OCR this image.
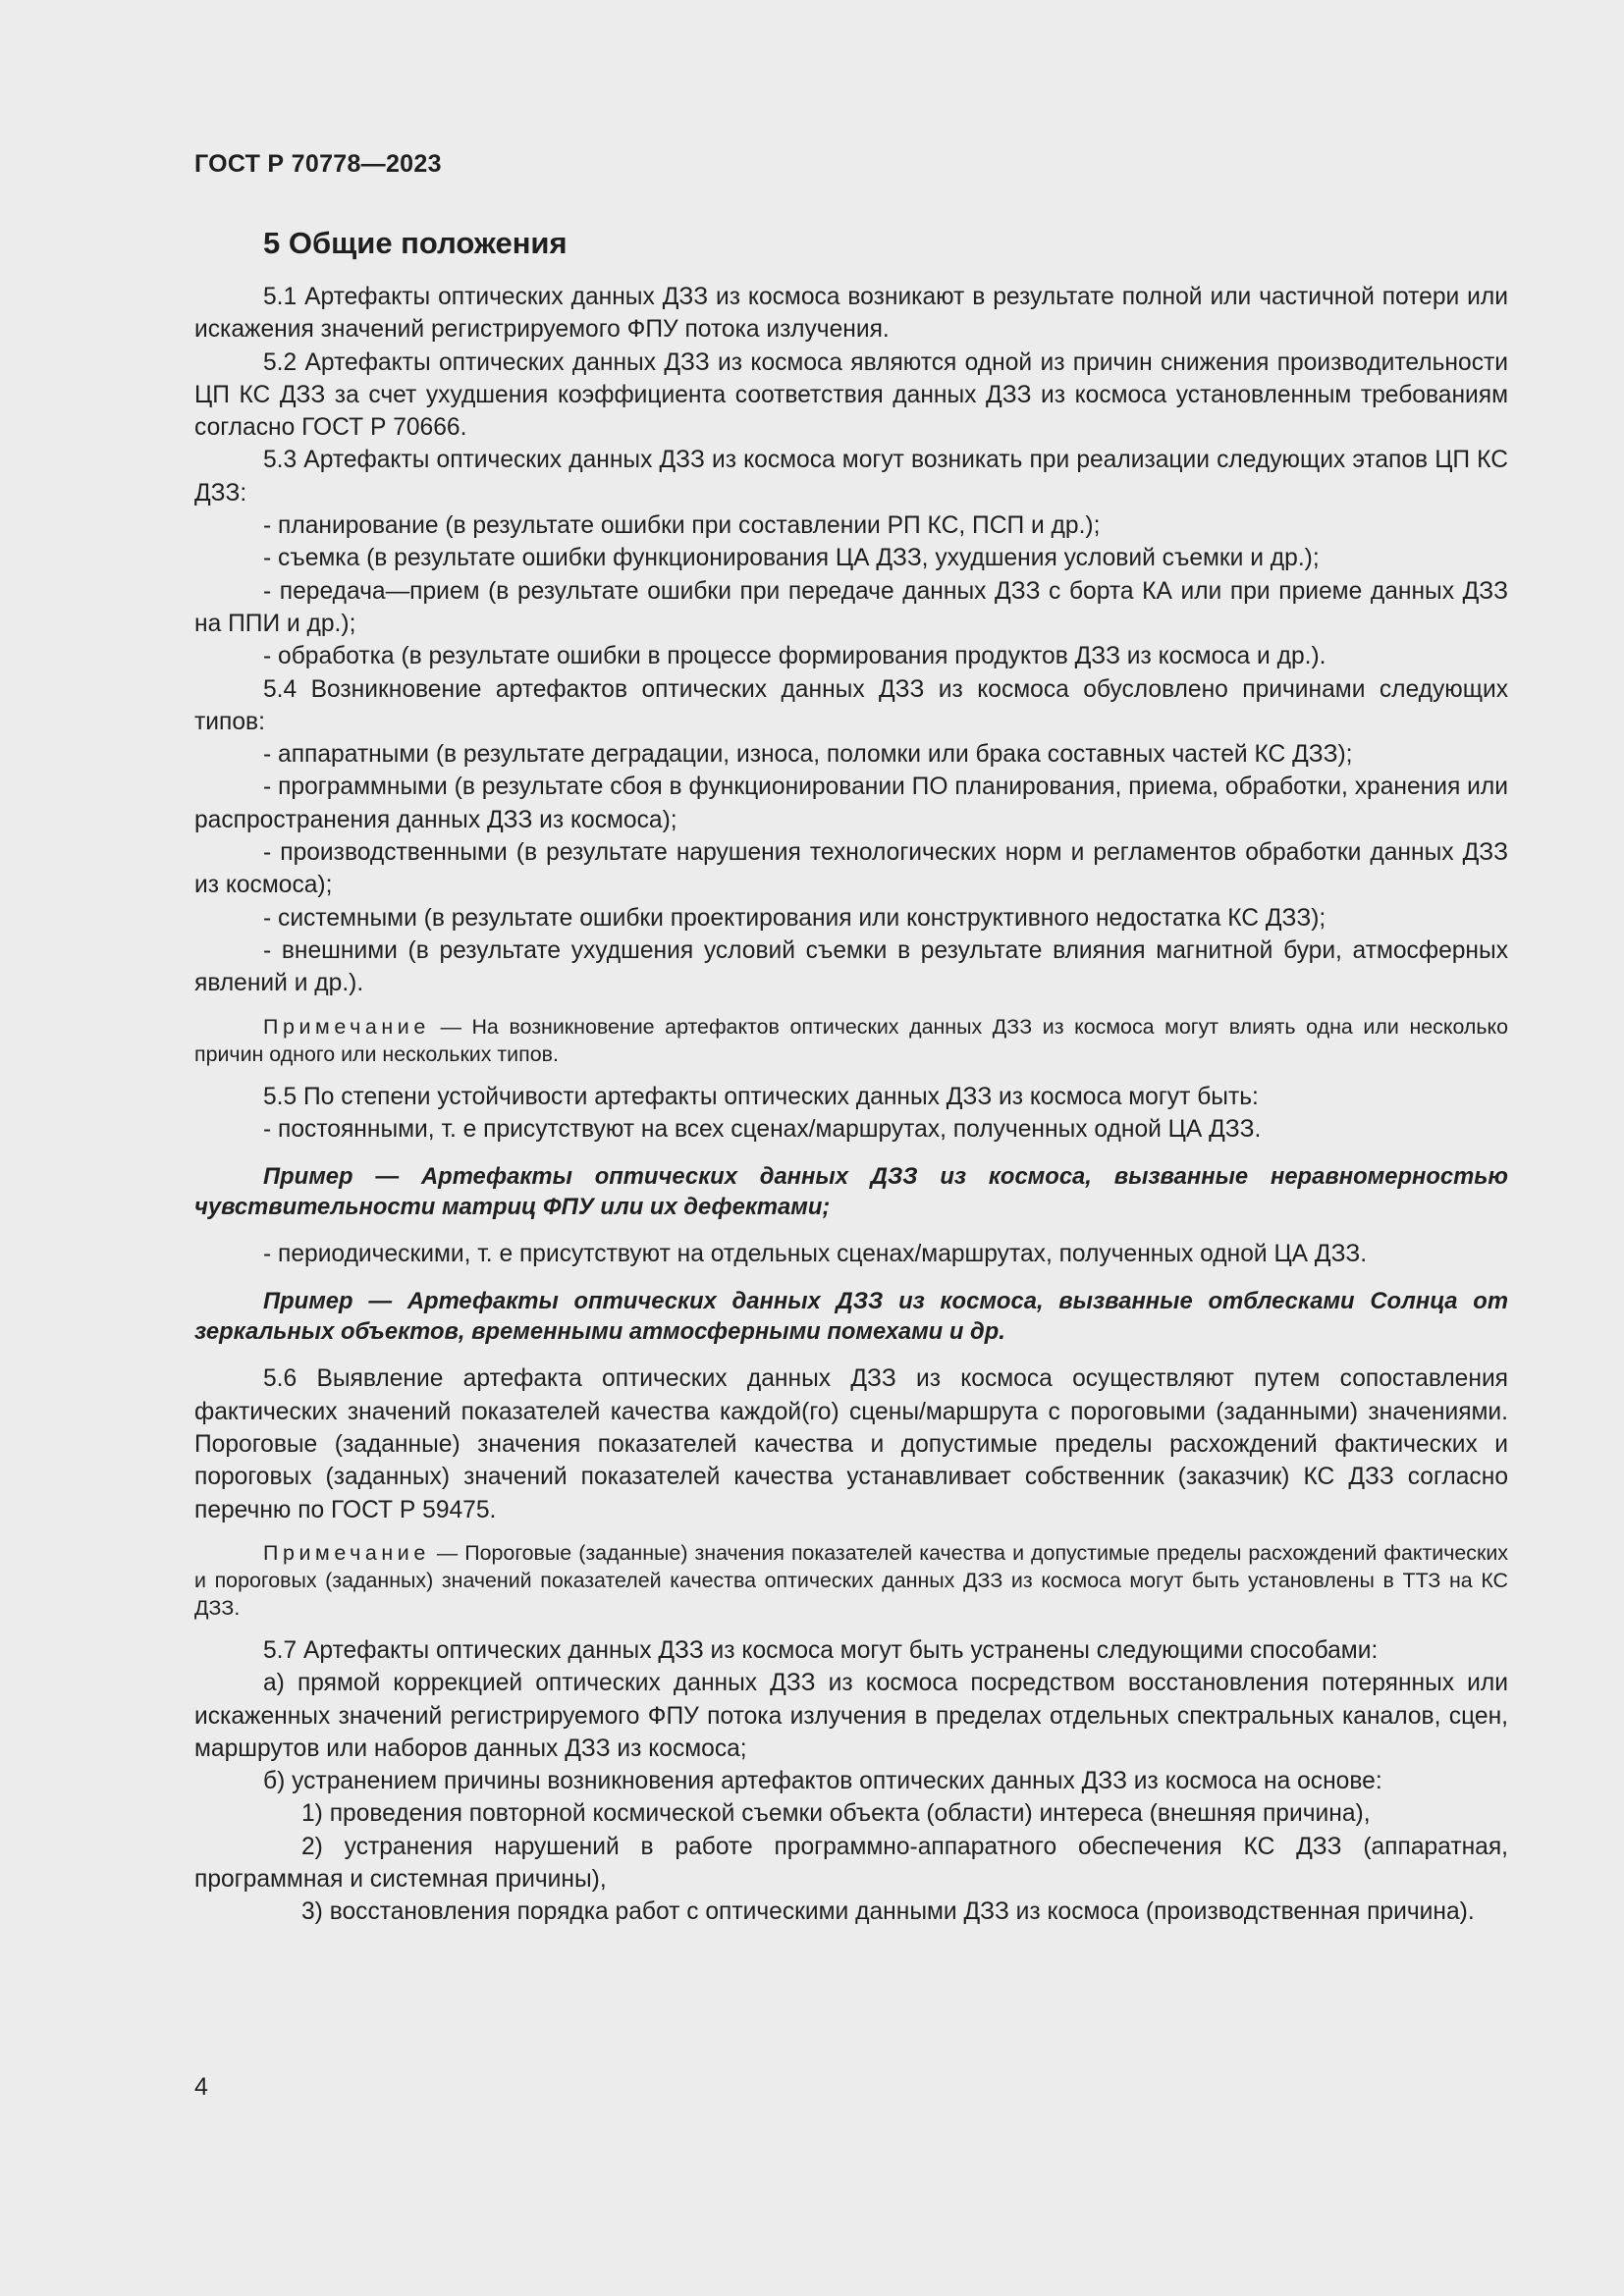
ГОСТ Р 70778—2023
5 Общие положения

5.1 Артефакты оптических данных ДЗЗ из космоса возникают в результате полной или частичной потери или искажения значений регистрируемого ФПУ потока излучения.

5.2 Артефакты оптических данных ДЗЗ из космоса являются одной из причин снижения производительности ЦП КС ДЗЗ за счет ухудшения коэффициента соответствия данных ДЗЗ из космоса установленным требованиям согласно ГОСТ Р 70666.

5.3 Артефакты оптических данных ДЗЗ из космоса могут возникать при реализации следующих этапов ЦП КС ДЗЗ:

- планирование (в результате ошибки при составлении РП КС, ПСП и др.);

- съемка (в результате ошибки функционирования ЦА ДЗЗ, ухудшения условий съемки и др.);

- передача—прием (в результате ошибки при передаче данных ДЗЗ с борта КА или при приеме данных ДЗЗ на ППИ и др.);

- обработка (в результате ошибки в процессе формирования продуктов ДЗЗ из космоса и др.).

5.4 Возникновение артефактов оптических данных ДЗЗ из космоса обусловлено причинами следующих типов:

- аппаратными (в результате деградации, износа, поломки или брака составных частей КС ДЗЗ);

- программными (в результате сбоя в функционировании ПО планирования, приема, обработки, хранения или распространения данных ДЗЗ из космоса);

- производственными (в результате нарушения технологических норм и регламентов обработки данных ДЗЗ из космоса);

- системными (в результате ошибки проектирования или конструктивного недостатка КС ДЗЗ);

- внешними (в результате ухудшения условий съемки в результате влияния магнитной бури, атмосферных явлений и др.).

Примечание — На возникновение артефактов оптических данных ДЗЗ из космоса могут влиять одна или несколько причин одного или нескольких типов.

5.5 По степени устойчивости артефакты оптических данных ДЗЗ из космоса могут быть:

- постоянными, т. е присутствуют на всех сценах/маршрутах, полученных одной ЦА ДЗЗ.

Пример — Артефакты оптических данных ДЗЗ из космоса, вызванные неравномерностью чувствительности матриц ФПУ или их дефектами;

- периодическими, т. е присутствуют на отдельных сценах/маршрутах, полученных одной ЦА ДЗЗ.

Пример — Артефакты оптических данных ДЗЗ из космоса, вызванные отблесками Солнца от зеркальных объектов, временными атмосферными помехами и др.

5.6 Выявление артефакта оптических данных ДЗЗ из космоса осуществляют путем сопоставления фактических значений показателей качества каждой(го) сцены/маршрута с пороговыми (заданными) значениями. Пороговые (заданные) значения показателей качества и допустимые пределы расхождений фактических и пороговых (заданных) значений показателей качества устанавливает собственник (заказчик) КС ДЗЗ согласно перечню по ГОСТ Р 59475.

Примечание — Пороговые (заданные) значения показателей качества и допустимые пределы расхождений фактических и пороговых (заданных) значений показателей качества оптических данных ДЗЗ из космоса могут быть установлены в ТТЗ на КС ДЗЗ.

5.7 Артефакты оптических данных ДЗЗ из космоса могут быть устранены следующими способами:

а) прямой коррекцией оптических данных ДЗЗ из космоса посредством восстановления потерянных или искаженных значений регистрируемого ФПУ потока излучения в пределах отдельных спектральных каналов, сцен, маршрутов или наборов данных ДЗЗ из космоса;

б) устранением причины возникновения артефактов оптических данных ДЗЗ из космоса на основе:

1) проведения повторной космической съемки объекта (области) интереса (внешняя причина),

2) устранения нарушений в работе программно-аппаратного обеспечения КС ДЗЗ (аппаратная, программная и системная причины),

3) восстановления порядка работ с оптическими данными ДЗЗ из космоса (производственная причина).

4
